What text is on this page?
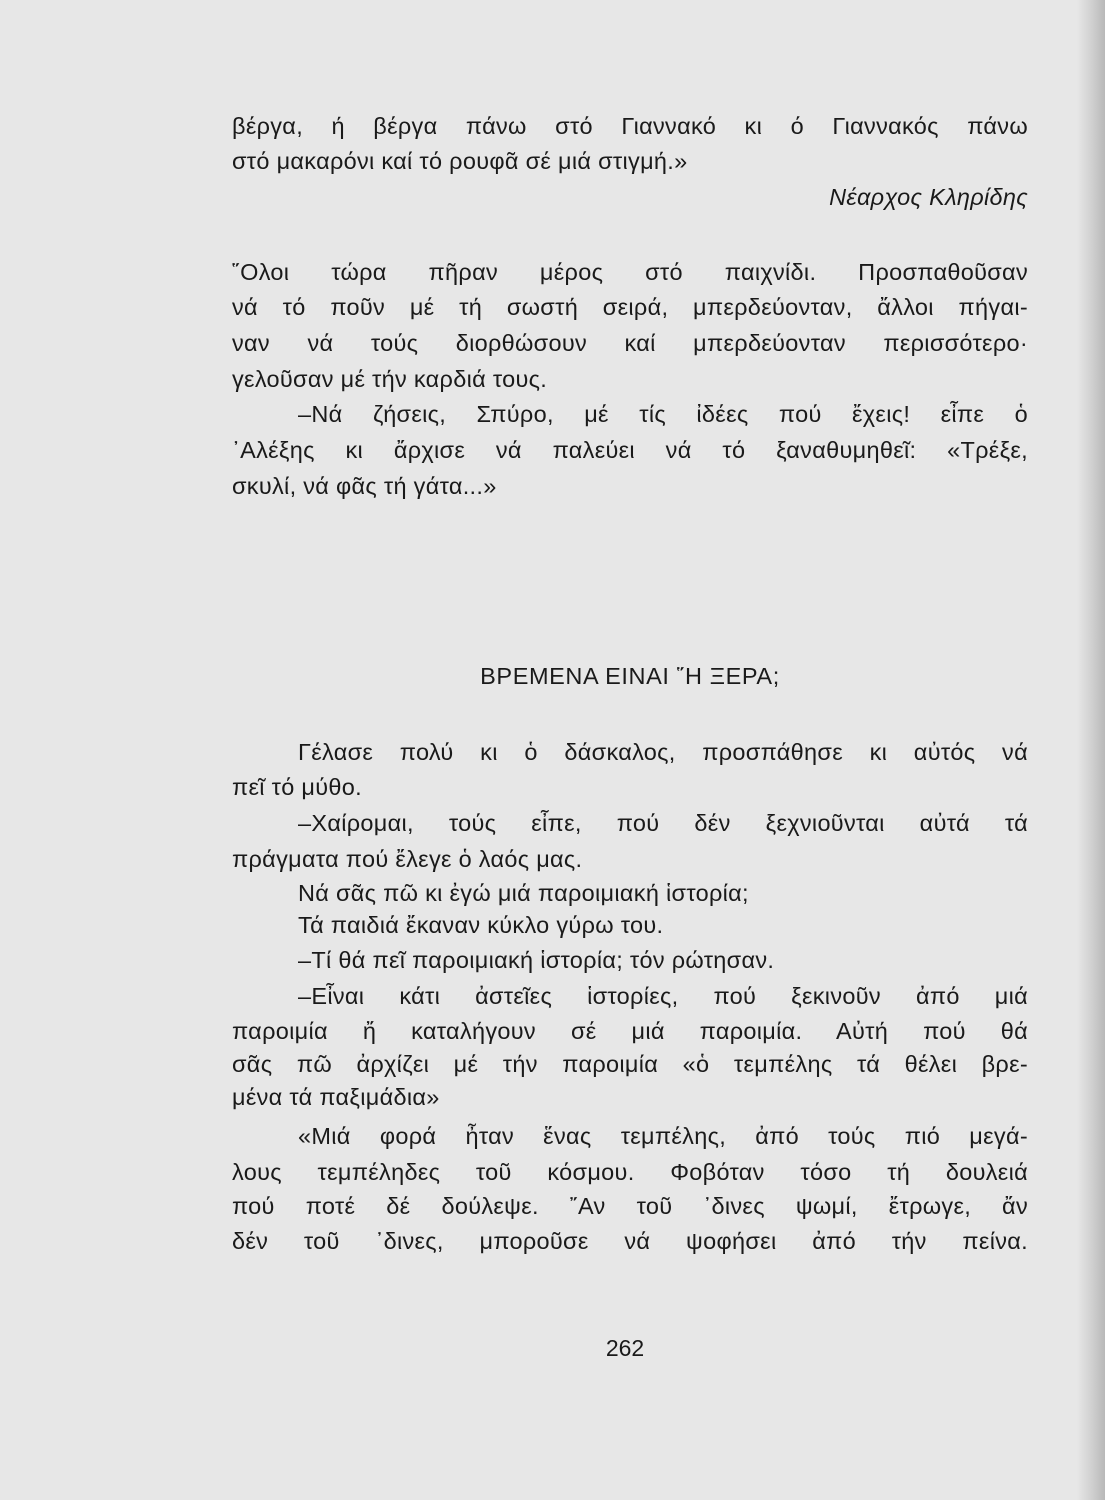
βέργα, ή βέργα πάνω στό Γιαννακό κι ό Γιαννακός πάνω
στό μακαρόνι καί τό ρουφᾶ σέ μιά στιγμή.»
Νέαρχος Κληρίδης
῞Ολοι τώρα πῆραν μέρος στό παιχνίδι. Προσπαθοῦσαν
νά τό ποῦν μέ τή σωστή σειρά, μπερδεύονταν, ἄλλοι πήγαι-
ναν νά τούς διορθώσουν καί μπερδεύονταν περισσότερο·
γελοῦσαν μέ τήν καρδιά τους.
–Νά ζήσεις, Σπύρο, μέ τίς ἰδέες πού ἔχεις! εἶπε ὁ
᾿Αλέξης κι ἄρχισε νά παλεύει νά τό ξαναθυμηθεῖ: «Τρέξε,
σκυλί, νά φᾶς τή γάτα...»
ΒΡΕΜΕΝΑ ΕΙΝΑΙ ῞Η ΞΕΡΑ;
Γέλασε πολύ κι ὁ δάσκαλος, προσπάθησε κι αὐτός νά
πεῖ τό μύθο.
–Χαίρομαι, τούς εἶπε, πού δέν ξεχνιοῦνται αὐτά τά
πράγματα πού ἔλεγε ὁ λαός μας.
Νά σᾶς πῶ κι ἐγώ μιά παροιμιακή ἱστορία;
Τά παιδιά ἔκαναν κύκλο γύρω του.
–Τί θά πεῖ παροιμιακή ἱστορία; τόν ρώτησαν.
–Εἶναι κάτι ἀστεῖες ἱστορίες, πού ξεκινοῦν ἀπό μιά
παροιμία ἤ καταλήγουν σέ μιά παροιμία. Αὐτή πού θά
σᾶς πῶ ἀρχίζει μέ τήν παροιμία «ὁ τεμπέλης τά θέλει βρε-
μένα τά παξιμάδια»
«Μιά φορά ἦταν ἕνας τεμπέλης, ἀπό τούς πιό μεγά-
λους τεμπέληδες τοῦ κόσμου. Φοβόταν τόσο τή δουλειά
πού ποτέ δέ δούλεψε. ῎Αν τοῦ ᾿δινες ψωμί, ἔτρωγε, ἄν
δέν τοῦ ᾿δινες, μποροῦσε νά ψοφήσει ἀπό τήν πείνα.
262
